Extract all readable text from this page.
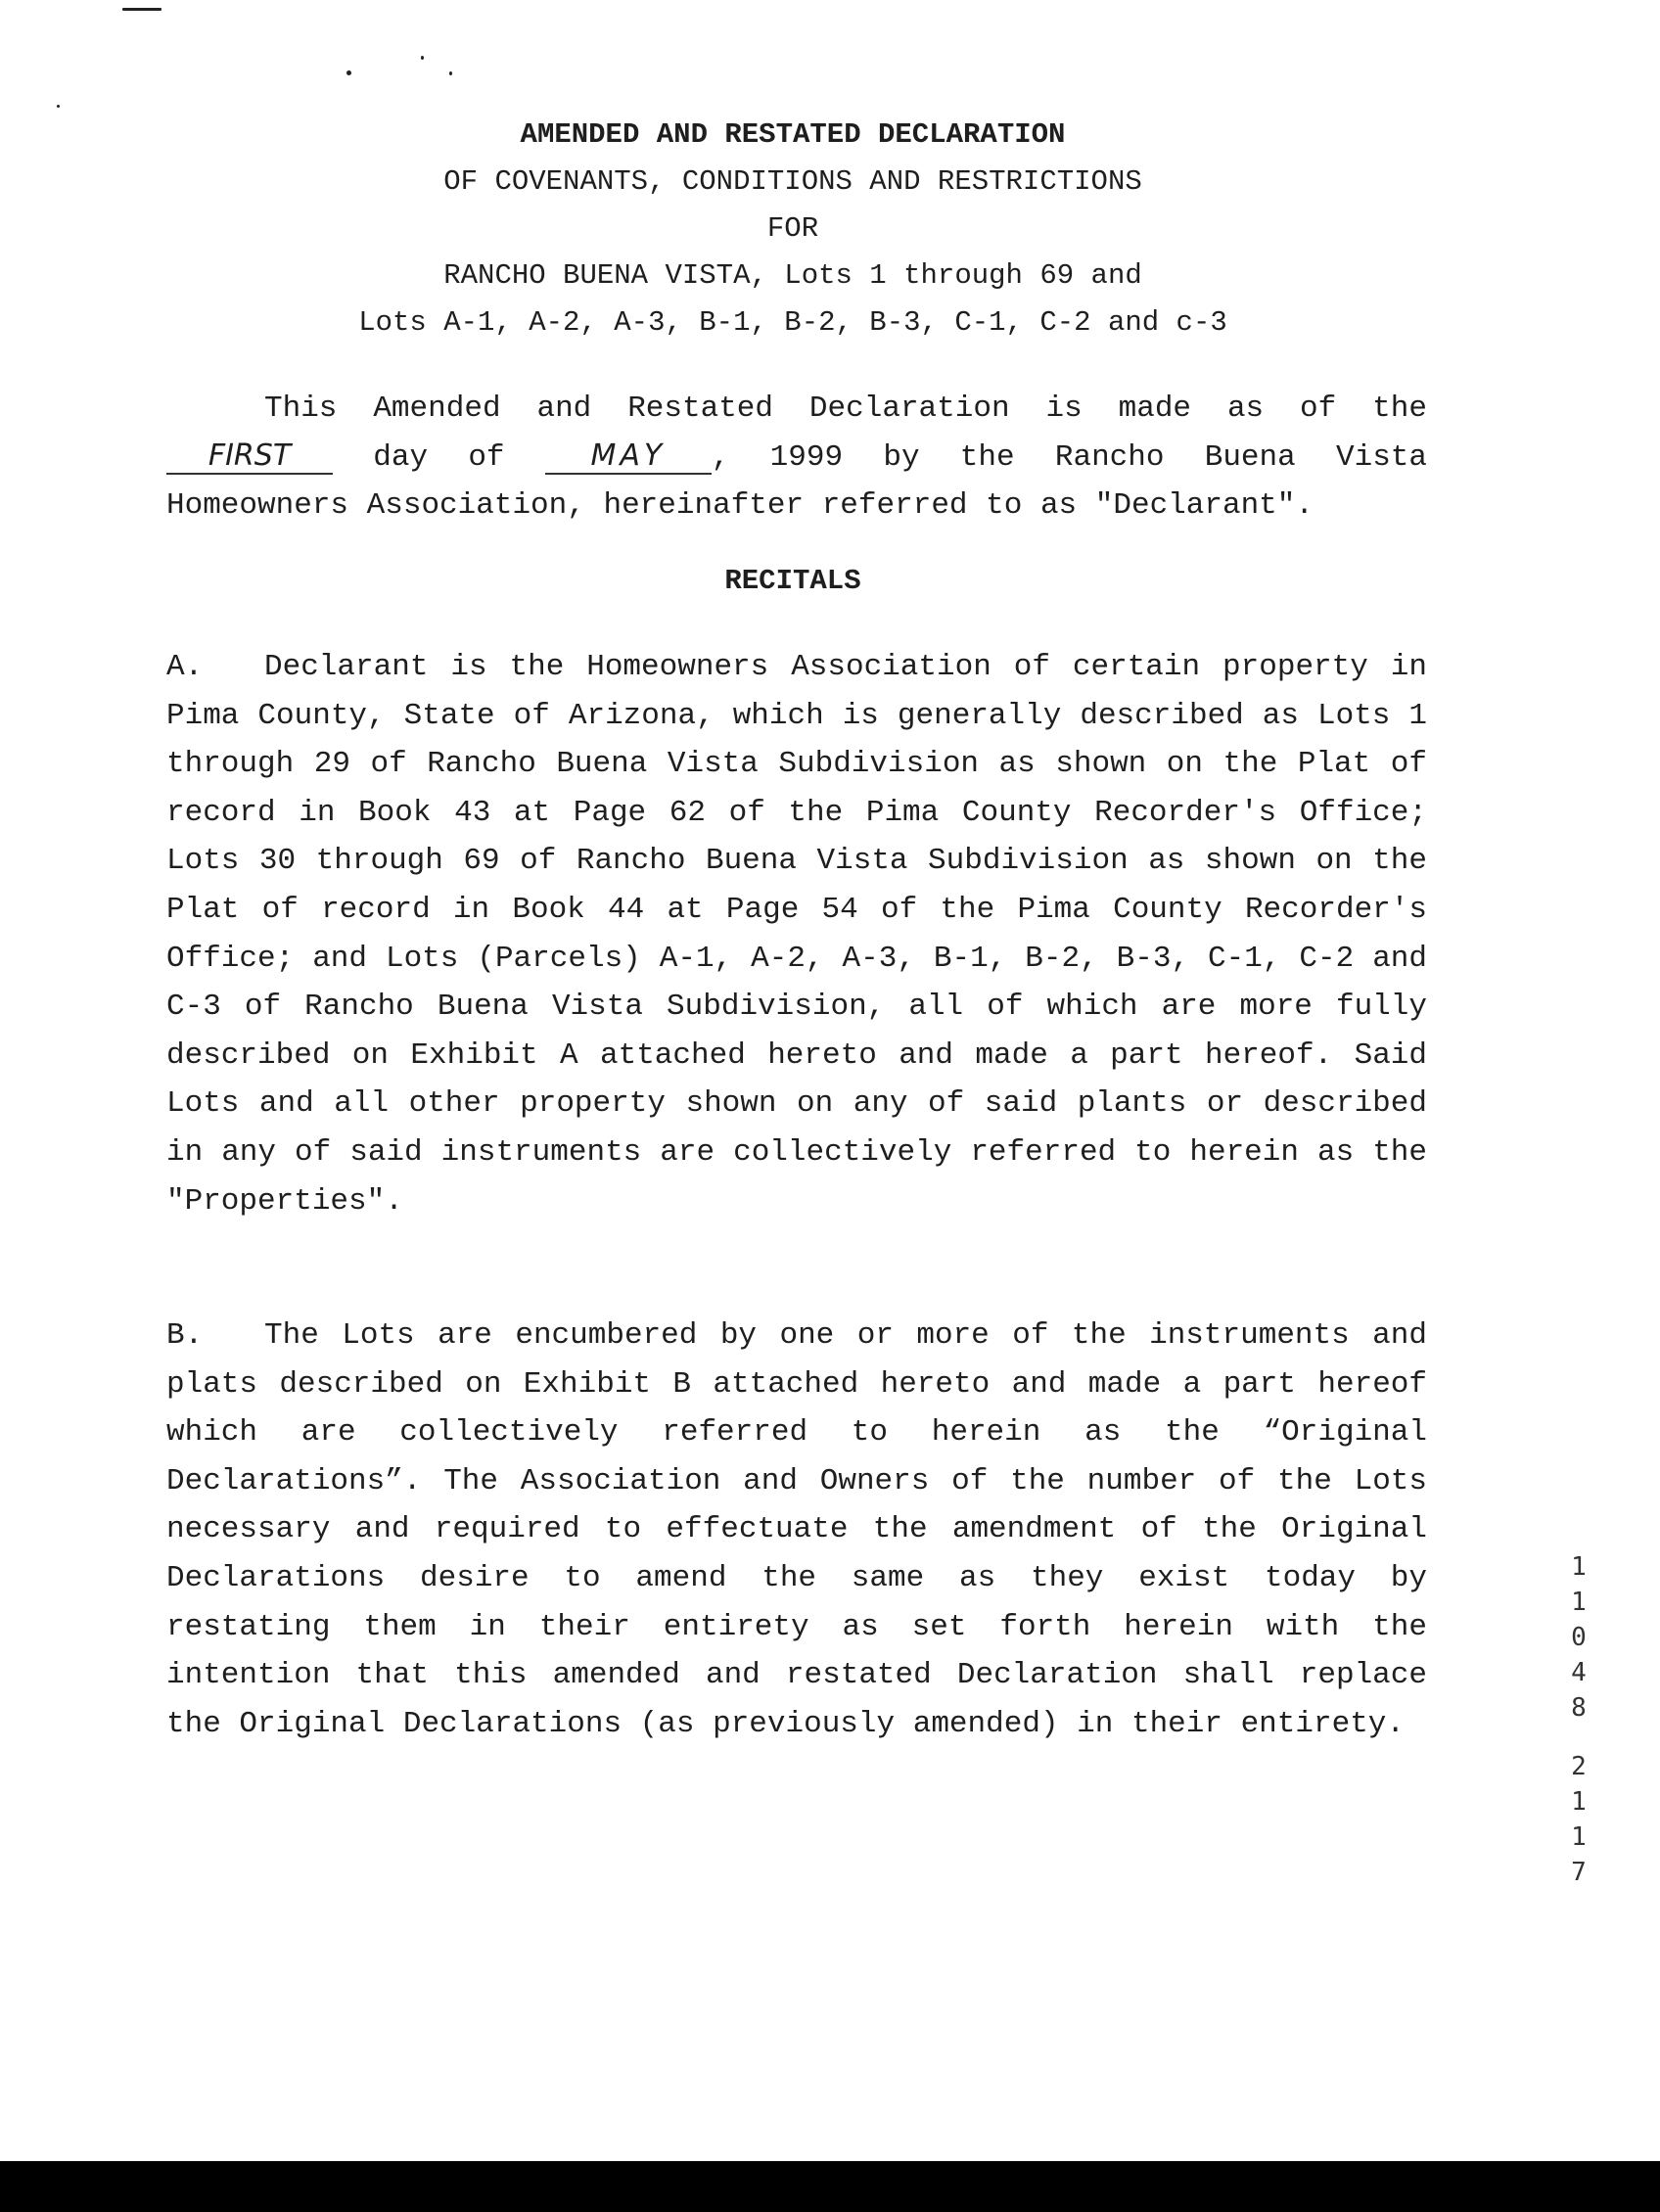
AMENDED AND RESTATED DECLARATION
OF COVENANTS, CONDITIONS AND RESTRICTIONS
FOR
RANCHO BUENA VISTA, Lots 1 through 69 and
Lots A-1, A-2, A-3, B-1, B-2, B-3, C-1, C-2 and c-3

This Amended and Restated Declaration is made as of the FIRST	day of	MAY , 1999 by the Rancho Buena Vista Homeowners Association, hereinafter referred to as "Declarant".

RECITALS

A. Declarant is the Homeowners Association of certain property in Pima County, State of Arizona, which is generally described as Lots 1 through 29 of Rancho Buena Vista Subdivision as shown on the Plat of record in Book 43 at Page 62 of the Pima County Recorder's Office; Lots 30 through 69 of Rancho Buena Vista Subdivision as shown on the Plat of record in Book 44 at Page 54 of the Pima County Recorder's Office; and Lots (Parcels) A-1, A-2, A-3, B-1, B-2, B-3, C-1, C-2 and C-3 of Rancho Buena Vista Subdivision, all of which are more fully described on Exhibit A attached hereto and made a part hereof. Said Lots and all other property shown on any of said plants or described in any of said instruments are collectively referred to herein as the "Properties".

B. The Lots are encumbered by one or more of the instruments and plats described on Exhibit B attached hereto and made a part hereof which are collectively referred to herein as the “Original Declarations”. The Association and Owners of the number of the Lots necessary and required to effectuate the amendment of the Original Declarations desire to amend the same as they exist today by restating them in their entirety as set forth herein with the intention that this amended and restated Declaration shall replace the Original Declarations (as previously amended) in their entirety.

1
1
0
4
8
2
1
1
7
